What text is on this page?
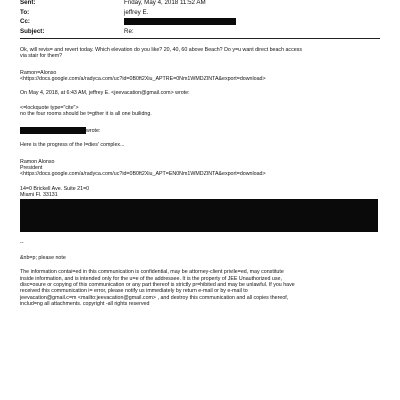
Sent:	Friday, May 4, 2018 11:52 AM
To:	jeffrey E.
Cc:
Subject:	Re:

Ok, will revis= and revert today. Which elevation do you like? 20, 40, 60 above Beach? Do y=u want direct beach access

via stair for them?

Ramon=Alonso

<https://docs.google.com/a/radyca.com/uc?id=0B0ft2Xiu_APTRE=0Nm1WMDZINTA&export=download>

On May 4, 2018, at 6:43 AM, jeffrey E. <jeevacation@gmail.com> wrote:

<=lockquote type="cite">

no the four rooms should be t=gther it is all one builidng.

wrote:

Here is the progress of the l=dies' complex...

Ramon Alonso

President

<https://docs.google.com/a/radyca.com/uc?id=0B0ft2Xiu_APT=EN0Nm1WMDZINTA&export=download>

14=0 Brickell Ave. Suite 21=0

Miami Fl. 33131

--

&nb=p; please note

The information contai=ed in this communication is confidential, may be attorney-client privile=ed, may constitute

inside information, and is intended only for the u=e of the addressee. It is the property of JEE Unauthorized use,

disc=osure or copying of this communication or any part thereof is strictly pr=hibited and may be unlawful. If you have

received this communication i= error, please notify us immediately by return e-mail or by e-mail to

jeevacation@gmail.c=m <mailto:jeevacation@gmail.com> , and destroy this communication and all copies thereof,

includ=ng all attachments. copyright -all rights reserved
